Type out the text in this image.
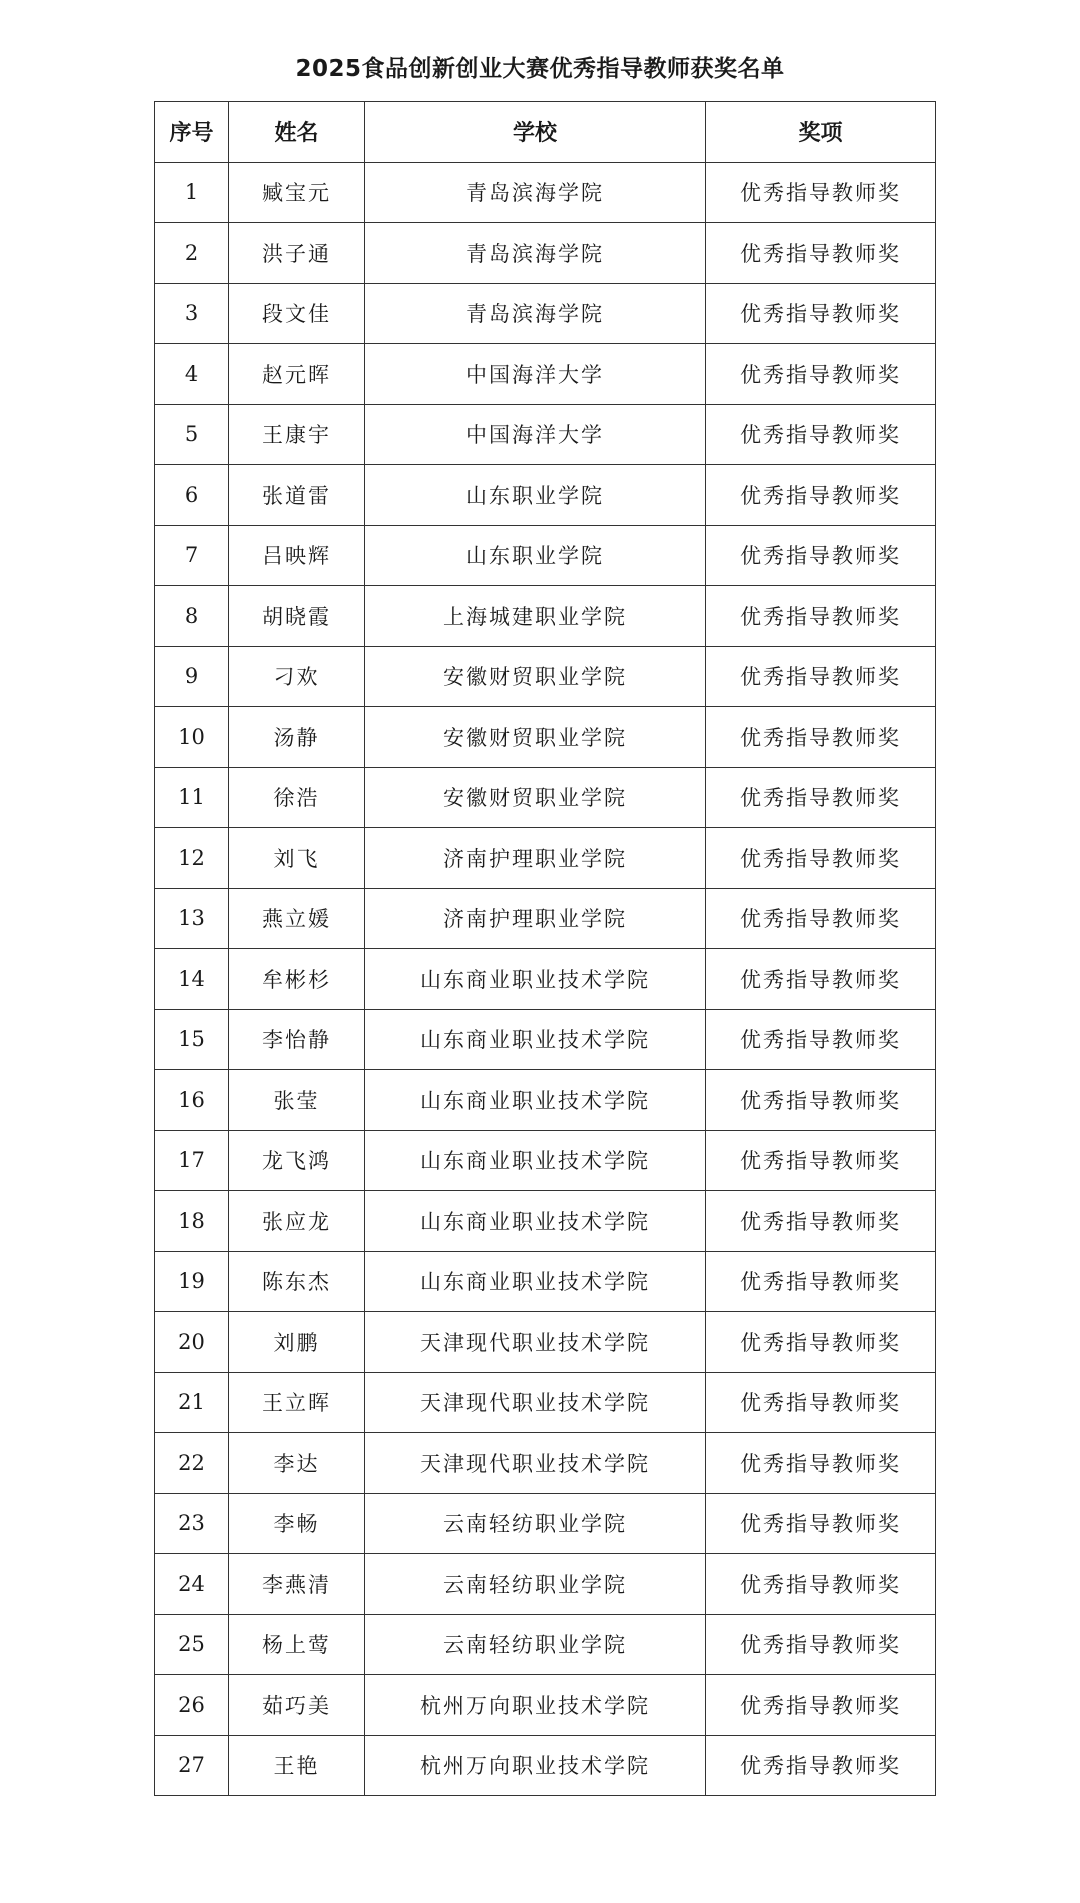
2025食品创新创业大赛优秀指导教师获奖名单
序号	姓名	学校	奖项
1	臧宝元	青岛滨海学院	优秀指导教师奖
2	洪子通	青岛滨海学院	优秀指导教师奖
3	段文佳	青岛滨海学院	优秀指导教师奖
4	赵元晖	中国海洋大学	优秀指导教师奖
5	王康宇	中国海洋大学	优秀指导教师奖
6	张道雷	山东职业学院	优秀指导教师奖
7	吕映辉	山东职业学院	优秀指导教师奖
8	胡晓霞	上海城建职业学院	优秀指导教师奖
9	刁欢	安徽财贸职业学院	优秀指导教师奖
10	汤静	安徽财贸职业学院	优秀指导教师奖
11	徐浩	安徽财贸职业学院	优秀指导教师奖
12	刘飞	济南护理职业学院	优秀指导教师奖
13	燕立媛	济南护理职业学院	优秀指导教师奖
14	牟彬杉	山东商业职业技术学院	优秀指导教师奖
15	李怡静	山东商业职业技术学院	优秀指导教师奖
16	张莹	山东商业职业技术学院	优秀指导教师奖
17	龙飞鸿	山东商业职业技术学院	优秀指导教师奖
18	张应龙	山东商业职业技术学院	优秀指导教师奖
19	陈东杰	山东商业职业技术学院	优秀指导教师奖
20	刘鹏	天津现代职业技术学院	优秀指导教师奖
21	王立晖	天津现代职业技术学院	优秀指导教师奖
22	李达	天津现代职业技术学院	优秀指导教师奖
23	李畅	云南轻纺职业学院	优秀指导教师奖
24	李燕清	云南轻纺职业学院	优秀指导教师奖
25	杨上莺	云南轻纺职业学院	优秀指导教师奖
26	茹巧美	杭州万向职业技术学院	优秀指导教师奖
27	王艳	杭州万向职业技术学院	优秀指导教师奖
